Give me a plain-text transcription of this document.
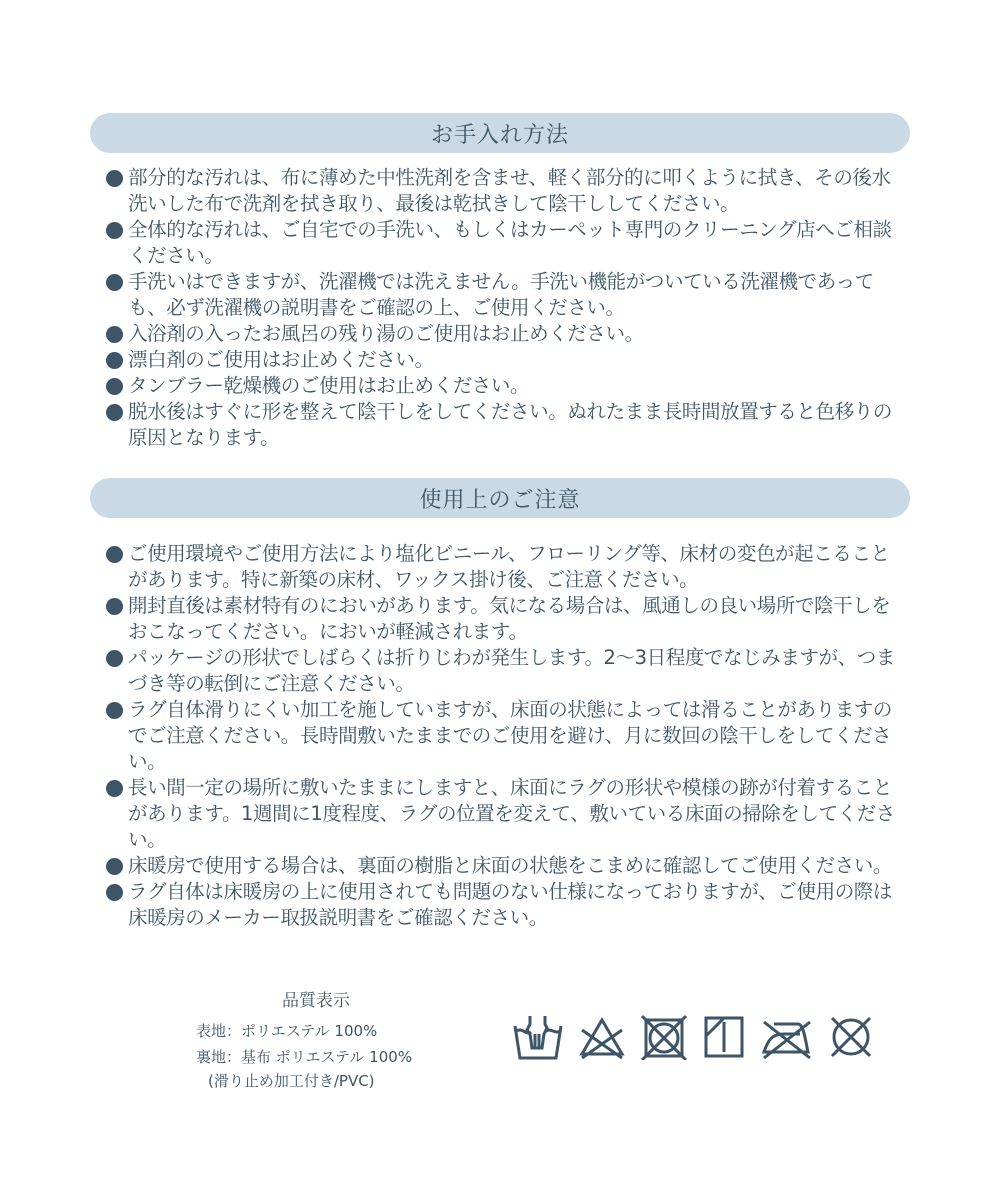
お手入れ方法
部分的な汚れは、布に薄めた中性洗剤を含ませ、軽く部分的に叩くように拭き、その後水洗いした布で洗剤を拭き取り、最後は乾拭きして陰干ししてください。
全体的な汚れは、ご自宅での手洗い、もしくはカーペット専門のクリーニング店へご相談ください。
手洗いはできますが、洗濯機では洗えません。手洗い機能がついている洗濯機であっても、必ず洗濯機の説明書をご確認の上、ご使用ください。
入浴剤の入ったお風呂の残り湯のご使用はお止めください。
漂白剤のご使用はお止めください。
タンブラー乾燥機のご使用はお止めください。
脱水後はすぐに形を整えて陰干しをしてください。ぬれたまま長時間放置すると色移りの原因となります。
使用上のご注意
ご使用環境やご使用方法により塩化ビニール、フローリング等、床材の変色が起こることがあります。特に新築の床材、ワックス掛け後、ご注意ください。
開封直後は素材特有のにおいがあります。気になる場合は、風通しの良い場所で陰干しをおこなってください。においが軽減されます。
パッケージの形状でしばらくは折りじわが発生します。2～3日程度でなじみますが、つまづき等の転倒にご注意ください。
ラグ自体滑りにくい加工を施していますが、床面の状態によっては滑ることがありますのでご注意ください。長時間敷いたままでのご使用を避け、月に数回の陰干しをしてください。
長い間一定の場所に敷いたままにしますと、床面にラグの形状や模様の跡が付着することがあります。1週間に1度程度、ラグの位置を変えて、敷いている床面の掃除をしてください。
床暖房で使用する場合は、裏面の樹脂と床面の状態をこまめに確認してご使用ください。
ラグ自体は床暖房の上に使用されても問題のない仕様になっておりますが、ご使用の際は床暖房のメーカー取扱説明書をご確認ください。
品質表示
表地：ポリエステル 100%
裏地：基布 ポリエステル 100%
(滑り止め加工付き/PVC)
